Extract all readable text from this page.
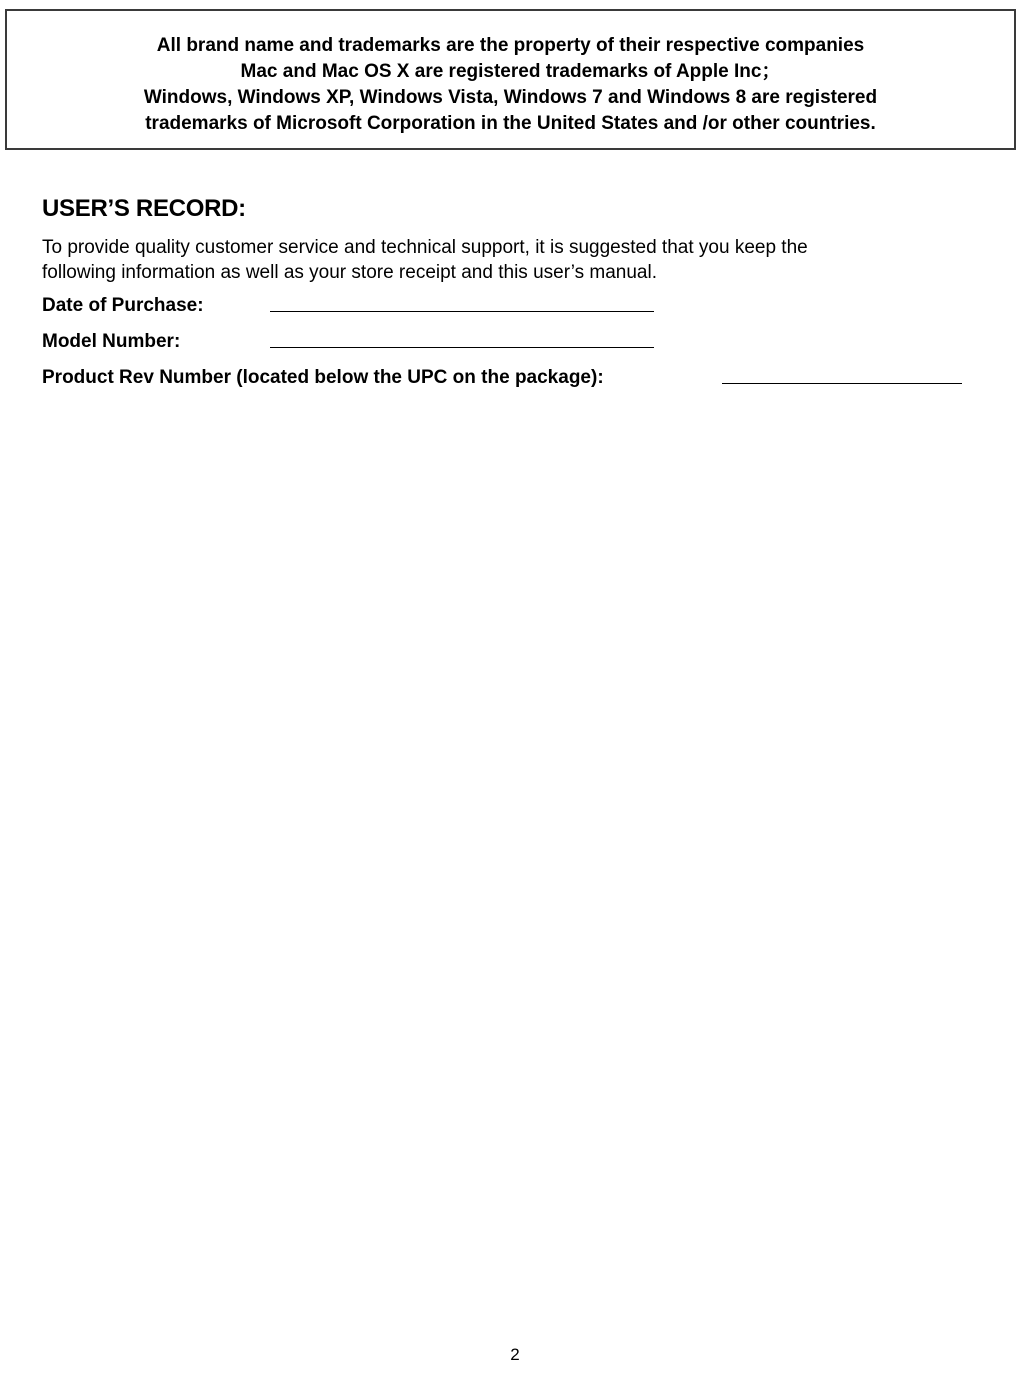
All brand name and trademarks are the property of their respective companies
Mac and Mac OS X are registered trademarks of Apple Inc；
Windows, Windows XP, Windows Vista, Windows 7 and Windows 8 are registered
trademarks of Microsoft Corporation in the United States and /or other countries.
USER’S RECORD:

To provide quality customer service and technical support, it is suggested that you keep the
following information as well as your store receipt and this user’s manual.

Date of Purchase:
Model Number:
Product Rev Number (located below the UPC on the package):
2
